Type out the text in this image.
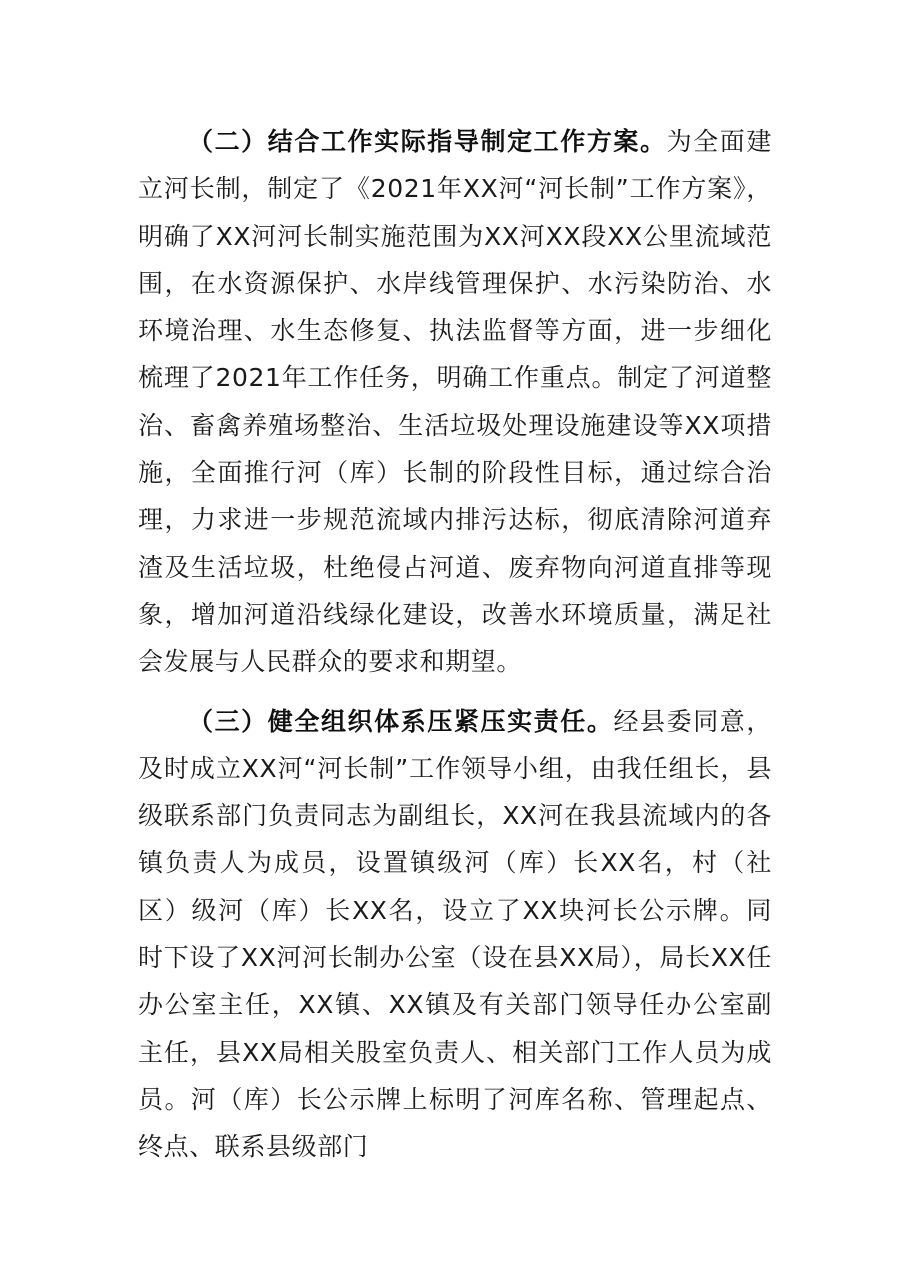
（二）结合工作实际指导制定工作方案。为全面建立河长制，制定了《2021年XX河“河长制”工作方案》，明确了XX河河长制实施范围为XX河XX段XX公里流域范围，在水资源保护、水岸线管理保护、水污染防治、水环境治理、水生态修复、执法监督等方面，进一步细化梳理了2021年工作任务，明确工作重点。制定了河道整治、畜禽养殖场整治、生活垃圾处理设施建设等XX项措施，全面推行河（库）长制的阶段性目标，通过综合治理，力求进一步规范流域内排污达标，彻底清除河道弃渣及生活垃圾，杜绝侵占河道、废弃物向河道直排等现象，增加河道沿线绿化建设，改善水环境质量，满足社会发展与人民群众的要求和期望。

（三）健全组织体系压紧压实责任。经县委同意，及时成立XX河“河长制”工作领导小组，由我任组长，县级联系部门负责同志为副组长，XX河在我县流域内的各镇负责人为成员，设置镇级河（库）长XX名，村（社区）级河（库）长XX名，设立了XX块河长公示牌。同时下设了XX河河长制办公室（设在县XX局），局长XX任办公室主任，XX镇、XX镇及有关部门领导任办公室副主任，县XX局相关股室负责人、相关部门工作人员为成员。河（库）长公示牌上标明了河库名称、管理起点、终点、联系县级部门
